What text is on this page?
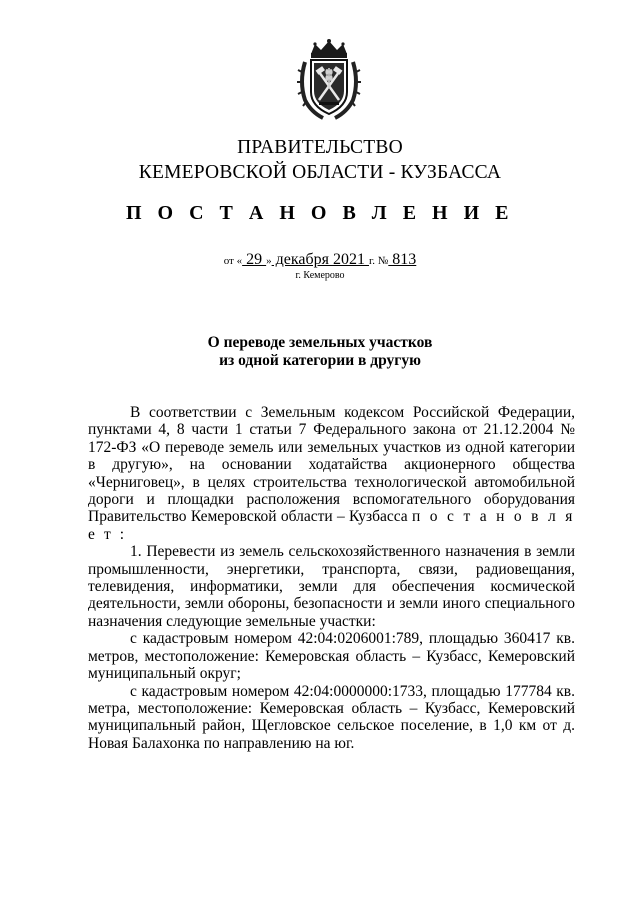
ПРАВИТЕЛЬСТВО
КЕМЕРОВСКОЙ ОБЛАСТИ - КУЗБАССА
П О С Т А Н О В Л Е Н И Е
от « 29 » декабря 2021 г. № 813
г. Кемерово
О переводе земельных участков
из одной категории в другую

В соответствии с Земельным кодексом Российской Федерации, пунктами 4, 8 части 1 статьи 7 Федерального закона от 21.12.2004 № 172-ФЗ «О переводе земель или земельных участков из одной категории в другую», на основании ходатайства акционерного общества «Черниговец», в целях строительства технологической автомобильной дороги и площадки расположения вспомогательного оборудования Правительство Кемеровской области – Кузбасса п о с т а н о в л я е т :

1. Перевести из земель сельскохозяйственного назначения в земли промышленности, энергетики, транспорта, связи, радиовещания, телевидения, информатики, земли для обеспечения космической деятельности, земли обороны, безопасности и земли иного специального назначения следующие земельные участки:

с кадастровым номером 42:04:0206001:789, площадью 360417 кв. метров, местоположение: Кемеровская область – Кузбасс, Кемеровский муниципальный округ;

с кадастровым номером 42:04:0000000:1733, площадью 177784 кв. метра, местоположение: Кемеровская область – Кузбасс, Кемеровский муниципальный район, Щегловское сельское поселение, в 1,0 км от д. Новая Балахонка по направлению на юг.
